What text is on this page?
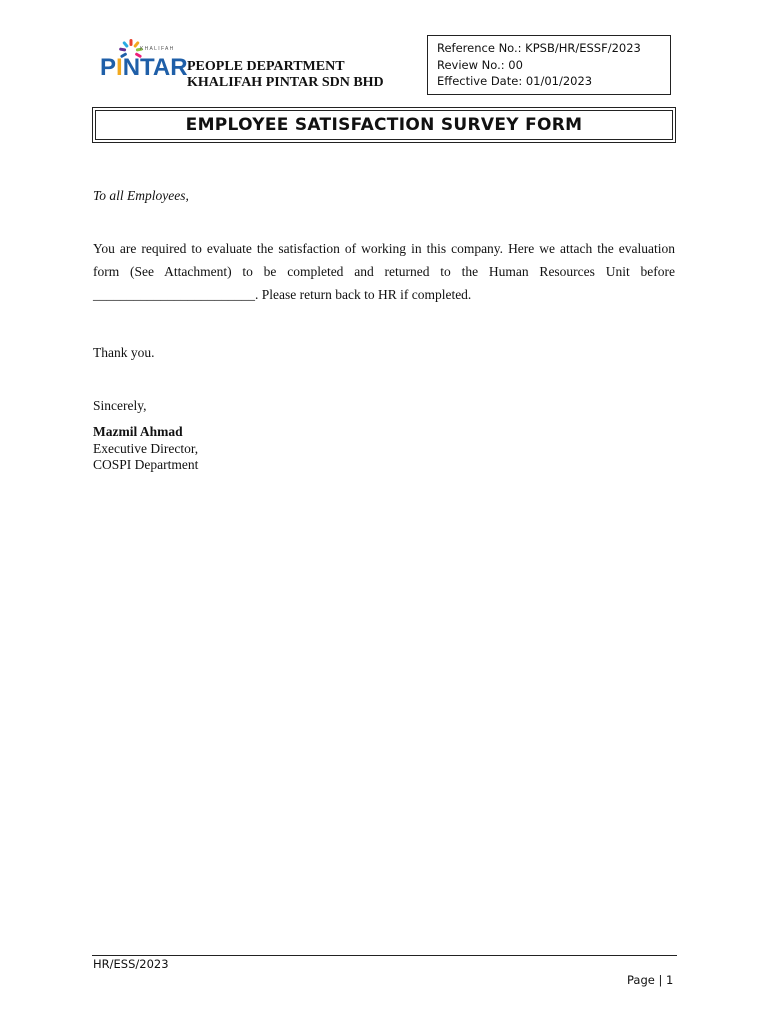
KHALIFAH
PINTAR PEOPLE DEPARTMENT
KHALIFAH PINTAR SDN BHD
Reference No.: KPSB/HR/ESSF/2023
Review No.: 00
Effective Date: 01/01/2023
EMPLOYEE SATISFACTION SURVEY FORM
To all Employees,
You are required to evaluate the satisfaction of working in this company. Here we attach the evaluation form (See Attachment) to be completed and returned to the Human Resources Unit before ________________________. Please return back to HR if completed.
Thank you.
Sincerely,
Mazmil Ahmad
Executive Director,
COSPI Department
HR/ESS/2023
Page | 1
